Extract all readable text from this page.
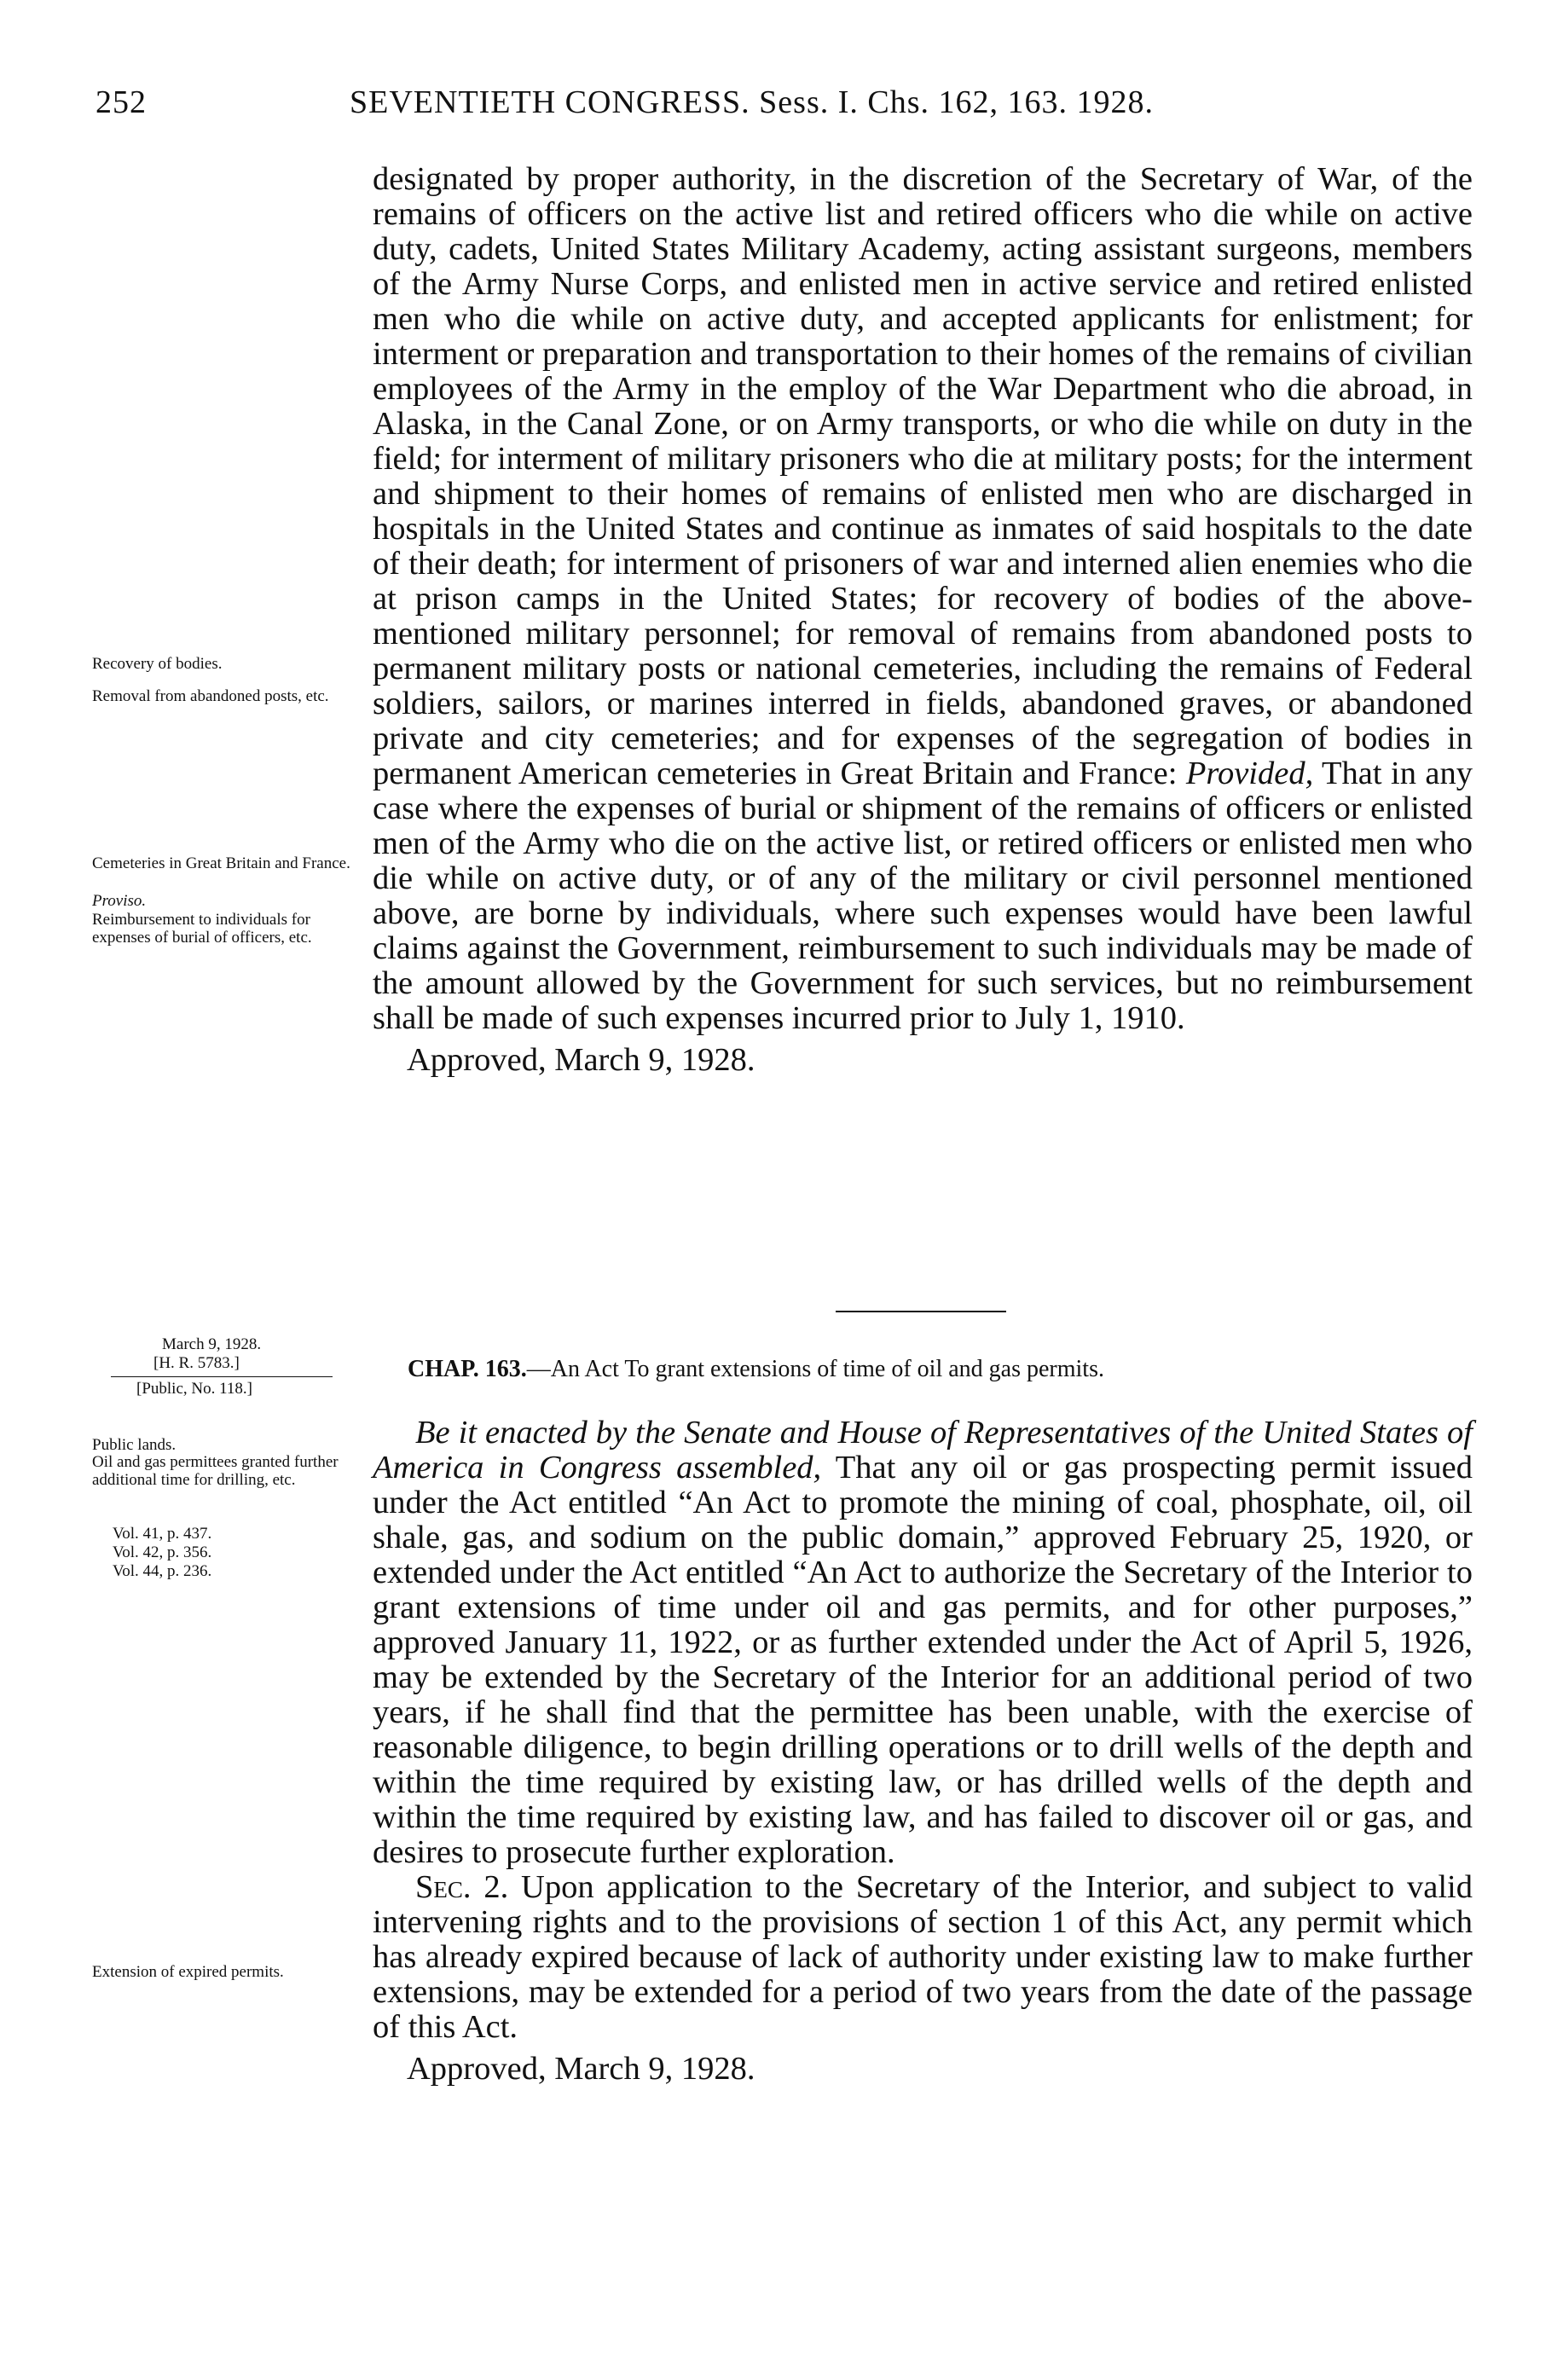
252	SEVENTIETH CONGRESS. Sess. I. Chs. 162, 163. 1928.

designated by proper authority, in the discretion of the Secretary of War, of the remains of officers on the active list and retired officers who die while on active duty, cadets, United States Military Academy, acting assistant surgeons, members of the Army Nurse Corps, and enlisted men in active service and retired enlisted men who die while on active duty, and accepted applicants for enlistment; for interment or preparation and transportation to their homes of the remains of civilian employees of the Army in the employ of the War Department who die abroad, in Alaska, in the Canal Zone, or on Army transports, or who die while on duty in the field; for interment of military prisoners who die at military posts; for the interment and shipment to their homes of remains of enlisted men who are discharged in hospitals in the United States and continue as inmates of said hospitals to the date of their death; for interment of prisoners of war and interned alien enemies who die at prison camps in the United States; for recovery of bodies of the above-mentioned military personnel; for removal of remains from abandoned posts to permanent military posts or national cemeteries, including the remains of Federal soldiers, sailors, or marines interred in fields, abandoned graves, or abandoned private and city cemeteries; and for expenses of the segregation of bodies in permanent American cemeteries in Great Britain and France: Provided, That in any case where the expenses of burial or shipment of the remains of officers or enlisted men of the Army who die on the active list, or retired officers or enlisted men who die while on active duty, or of any of the military or civil personnel mentioned above, are borne by individuals, where such expenses would have been lawful claims against the Government, reimbursement to such individuals may be made of the amount allowed by the Government for such services, but no reimbursement shall be made of such expenses incurred prior to July 1, 1910.

Approved, March 9, 1928.

Recovery of bodies.
Removal from abandoned posts, etc.
Cemeteries in Great Britain and France.
Proviso.
Reimbursement to individuals for expenses of burial of officers, etc.
March 9, 1928.
[H. R. 5783.]
[Public, No. 118.]
CHAP. 163.—An Act To grant extensions of time of oil and gas permits.
Public lands.
Oil and gas permittees granted further additional time for drilling, etc.
Vol. 41, p. 437.
Vol. 42, p. 356.
Vol. 44, p. 236.
Extension of expired permits.

Be it enacted by the Senate and House of Representatives of the United States of America in Congress assembled, That any oil or gas prospecting permit issued under the Act entitled “An Act to promote the mining of coal, phosphate, oil, oil shale, gas, and sodium on the public domain,” approved February 25, 1920, or extended under the Act entitled “An Act to authorize the Secretary of the Interior to grant extensions of time under oil and gas permits, and for other purposes,” approved January 11, 1922, or as further extended under the Act of April 5, 1926, may be extended by the Secretary of the Interior for an additional period of two years, if he shall find that the permittee has been unable, with the exercise of reasonable diligence, to begin drilling operations or to drill wells of the depth and within the time required by existing law, or has drilled wells of the depth and within the time required by existing law, and has failed to discover oil or gas, and desires to prosecute further exploration.

Sec. 2. Upon application to the Secretary of the Interior, and subject to valid intervening rights and to the provisions of section 1 of this Act, any permit which has already expired because of lack of authority under existing law to make further extensions, may be extended for a period of two years from the date of the passage of this Act.

Approved, March 9, 1928.
